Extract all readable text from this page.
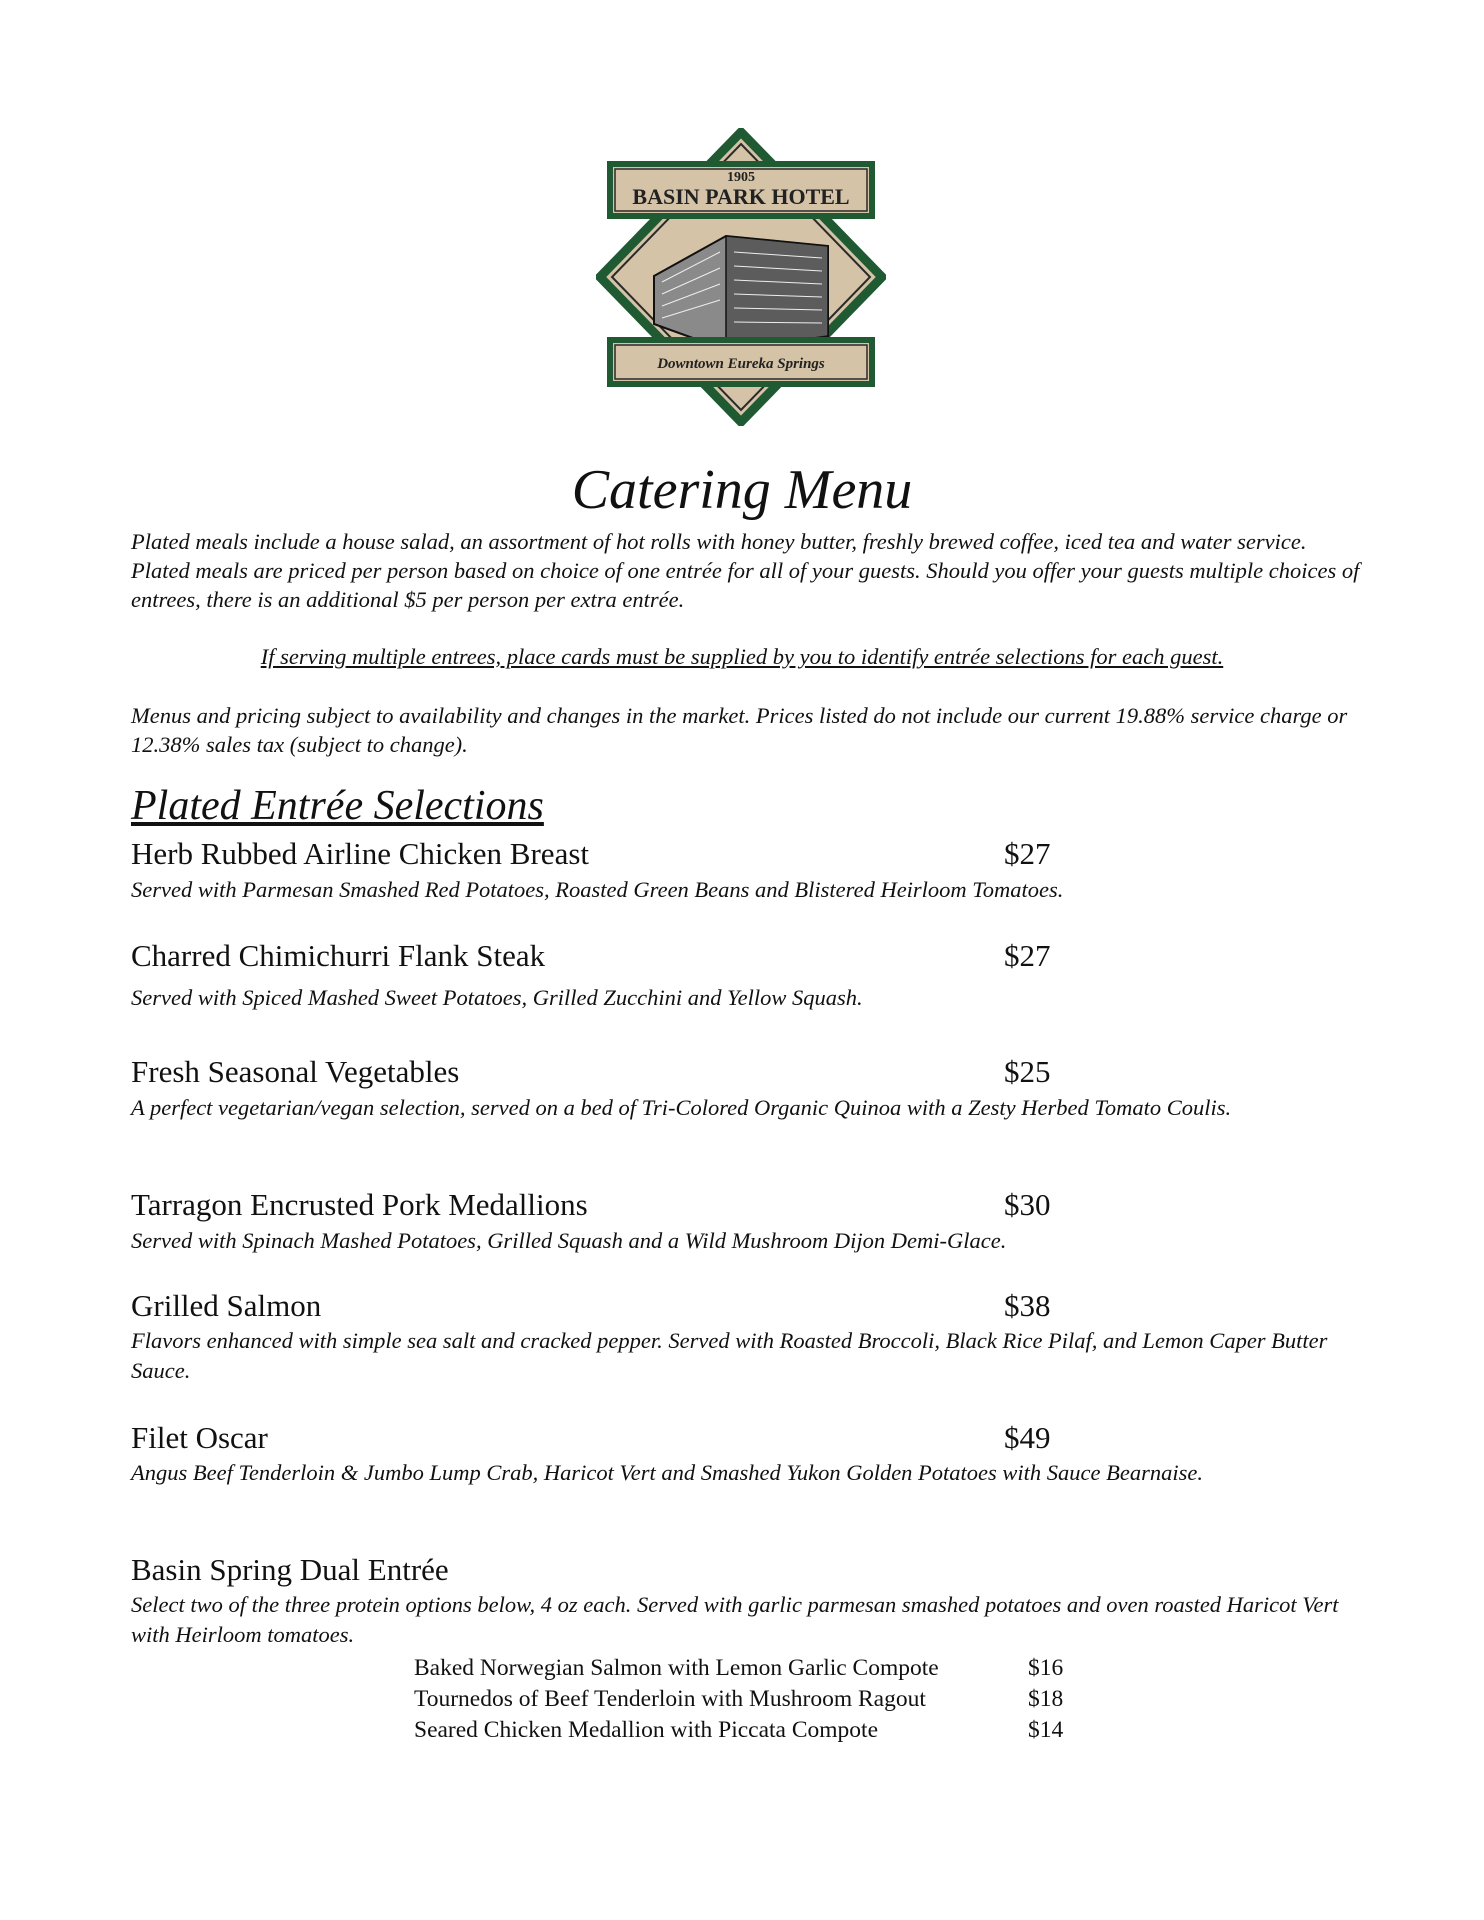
1905
BASIN PARK HOTEL
Downtown Eureka Springs
Catering Menu
Plated meals include a house salad, an assortment of hot rolls with honey butter, freshly brewed coffee, iced tea and water service. Plated meals are priced per person based on choice of one entrée for all of your guests. Should you offer your guests multiple choices of entrees, there is an additional $5 per person per extra entrée.
If serving multiple entrees, place cards must be supplied by you to identify entrée selections for each guest.
Menus and pricing subject to availability and changes in the market. Prices listed do not include our current 19.88% service charge or 12.38% sales tax (subject to change).
Plated Entrée Selections
Herb Rubbed Airline Chicken Breast	$27
Served with Parmesan Smashed Red Potatoes, Roasted Green Beans and Blistered Heirloom Tomatoes.
Charred Chimichurri Flank Steak	$27
Served with Spiced Mashed Sweet Potatoes, Grilled Zucchini and Yellow Squash.
Fresh Seasonal Vegetables	$25
A perfect vegetarian/vegan selection, served on a bed of Tri-Colored Organic Quinoa with a Zesty Herbed Tomato Coulis.
Tarragon Encrusted Pork Medallions	$30
Served with Spinach Mashed Potatoes, Grilled Squash and a Wild Mushroom Dijon Demi-Glace.
Grilled Salmon	$38
Flavors enhanced with simple sea salt and cracked pepper. Served with Roasted Broccoli, Black Rice Pilaf, and Lemon Caper Butter Sauce.
Filet Oscar	$49
Angus Beef Tenderloin & Jumbo Lump Crab, Haricot Vert and Smashed Yukon Golden Potatoes with Sauce Bearnaise.
Basin Spring Dual Entrée
Select two of the three protein options below, 4 oz each. Served with garlic parmesan smashed potatoes and oven roasted Haricot Vert with Heirloom tomatoes.
Baked Norwegian Salmon with Lemon Garlic Compote	$16
Tournedos of Beef Tenderloin with Mushroom Ragout	$18
Seared Chicken Medallion with Piccata Compote	$14
